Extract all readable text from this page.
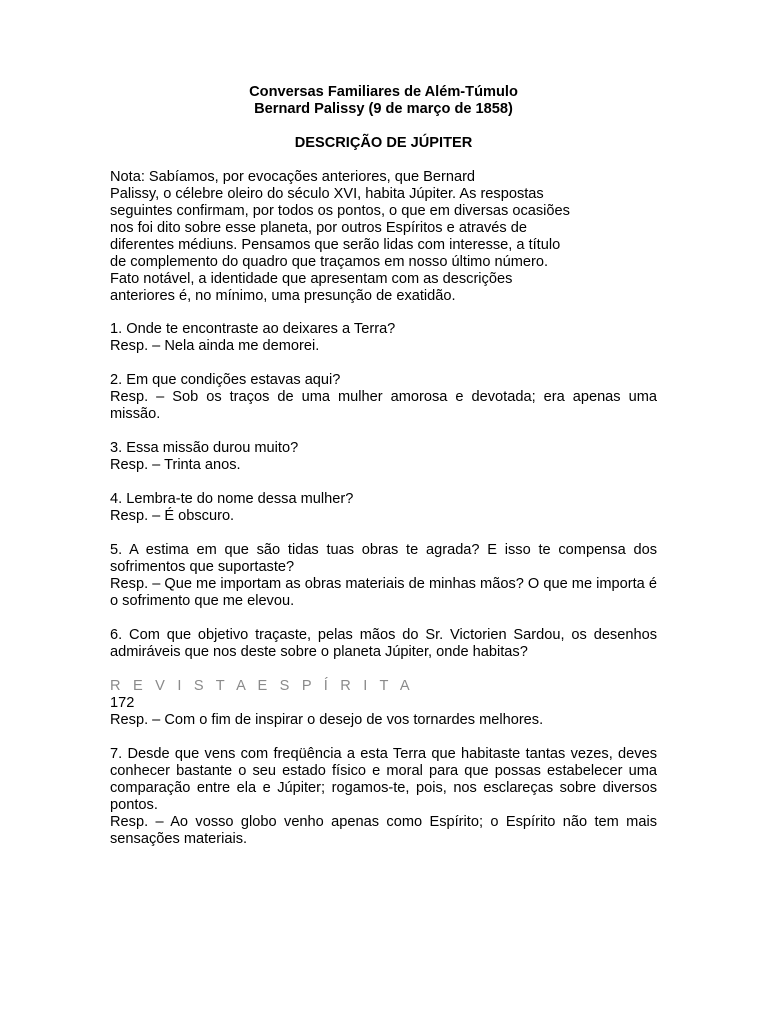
Conversas Familiares de Além-Túmulo
Bernard Palissy (9 de março de 1858)
DESCRIÇÃO DE JÚPITER
Nota: Sabíamos, por evocações anteriores, que Bernard
Palissy, o célebre oleiro do século XVI, habita Júpiter. As respostas
seguintes confirmam, por todos os pontos, o que em diversas ocasiões
nos foi dito sobre esse planeta, por outros Espíritos e através de
diferentes médiuns. Pensamos que serão lidas com interesse, a título
de complemento do quadro que traçamos em nosso último número.
Fato notável, a identidade que apresentam com as descrições
anteriores é, no mínimo, uma presunção de exatidão.

1. Onde te encontraste ao deixares a Terra?

Resp. – Nela ainda me demorei.

2. Em que condições estavas aqui?

Resp. – Sob os traços de uma mulher amorosa e devotada; era apenas uma missão.

3. Essa missão durou muito?

Resp. – Trinta anos.

4. Lembra-te do nome dessa mulher?

Resp. – É obscuro.

5. A estima em que são tidas tuas obras te agrada? E isso te compensa dos sofrimentos que suportaste?

Resp. – Que me importam as obras materiais de minhas mãos? O que me importa é o sofrimento que me elevou.

6. Com que objetivo traçaste, pelas mãos do Sr. Victorien Sardou, os desenhos admiráveis que nos deste sobre o planeta Júpiter, onde habitas?

R E V I S T A E S P Í R I T A

172

Resp. – Com o fim de inspirar o desejo de vos tornardes melhores.

7. Desde que vens com freqüência a esta Terra que habitaste tantas vezes, deves conhecer bastante o seu estado físico e moral para que possas estabelecer uma comparação entre ela e Júpiter; rogamos-te, pois, nos esclareças sobre diversos pontos.

Resp. – Ao vosso globo venho apenas como Espírito; o Espírito não tem mais sensações materiais.
